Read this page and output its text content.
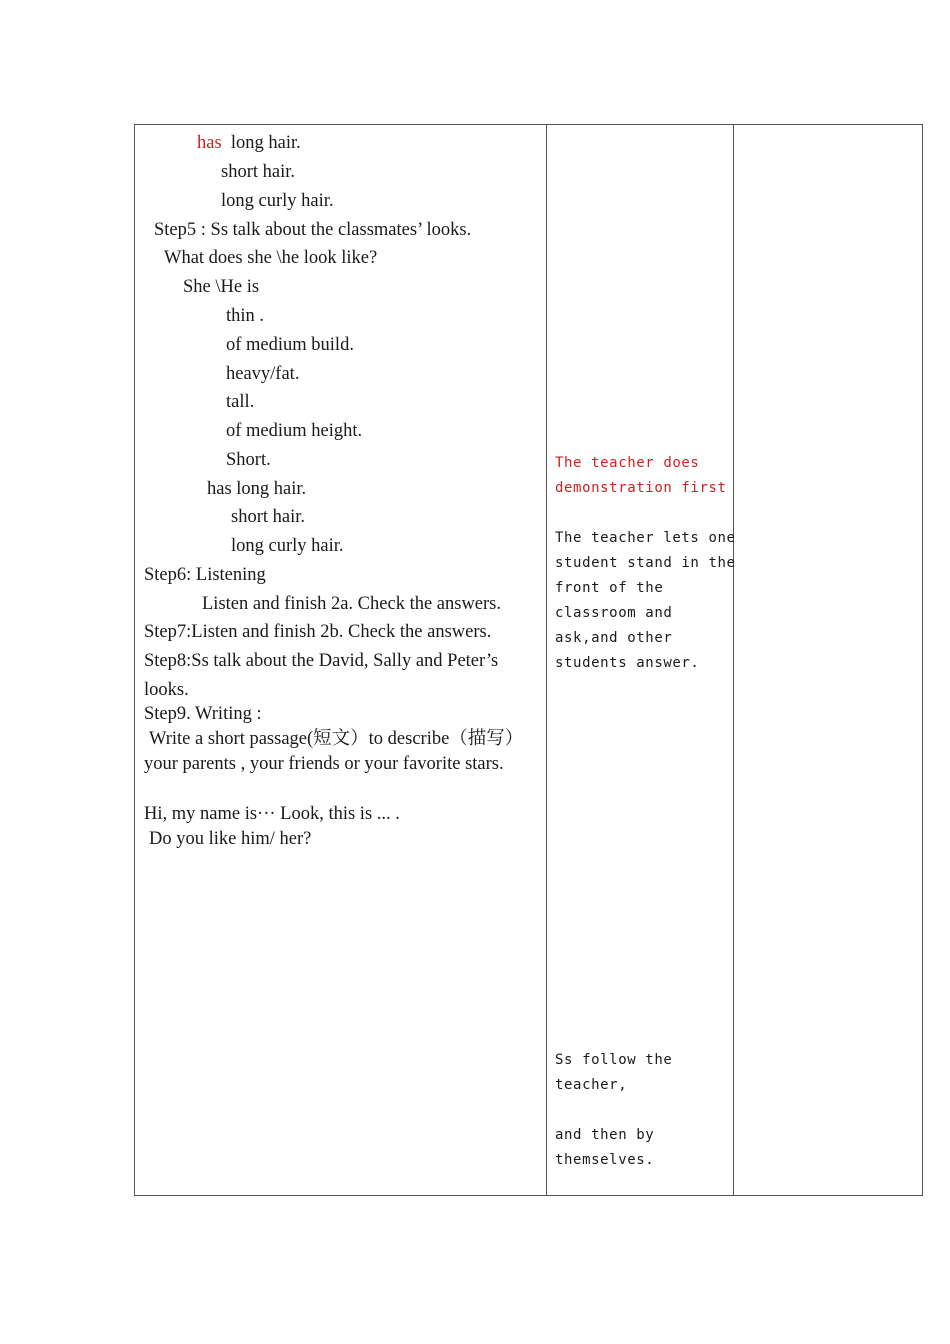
has long hair.
short hair.
long curly hair.
Step5 : Ss talk about the classmates’ looks.
What does she \he look like?
She \He is
thin .
of medium build.
heavy/fat.
tall.
of medium height.
Short.
has long hair.
short hair.
long curly hair.
Step6: Listening
Listen and finish 2a. Check the answers.
Step7:Listen and finish 2b. Check the answers.
Step8:Ss talk about the David, Sally and Peter’s
looks.
Step9. Writing :
Write a short passage(短文）to describe（描写）
your parents , your friends or your favorite stars.
Hi, my name is··· Look, this is ... .
Do you like him/ her?
The teacher does
demonstration first
The teacher lets one
student stand in the
front of the
classroom and
ask,and other
students answer.
Ss follow the
teacher,
and then by
themselves.
